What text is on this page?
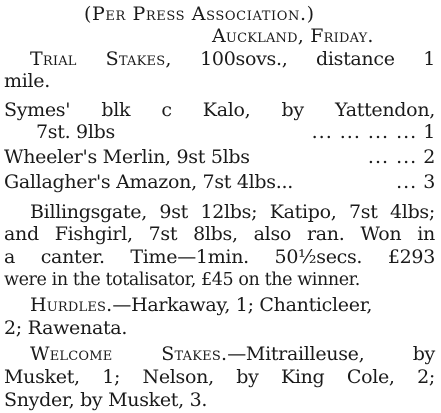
(Per Press Association.)
Auckland, Friday.
Trial Stakes, 100sovs., distance 1
mile.
Symes' blk c Kalo, by Yattendon,
7st. 9lbs	... ... ... ... 1
Wheeler's Merlin, 9st 5lbs	... ... 2
Gallagher's Amazon, 7st 4lbs...	... 3
Billingsgate, 9st 12lbs; Katipo, 7st 4lbs;
and Fishgirl, 7st 8lbs, also ran. Won in
a canter. Time—1min. 50½secs. £293
were in the totalisator, £45 on the winner.
Hurdles.—Harkaway, 1; Chanticleer,
2; Rawenata.
Welcome Stakes.—Mitrailleuse, by
Musket, 1; Nelson, by King Cole, 2;
Snyder, by Musket, 3.
